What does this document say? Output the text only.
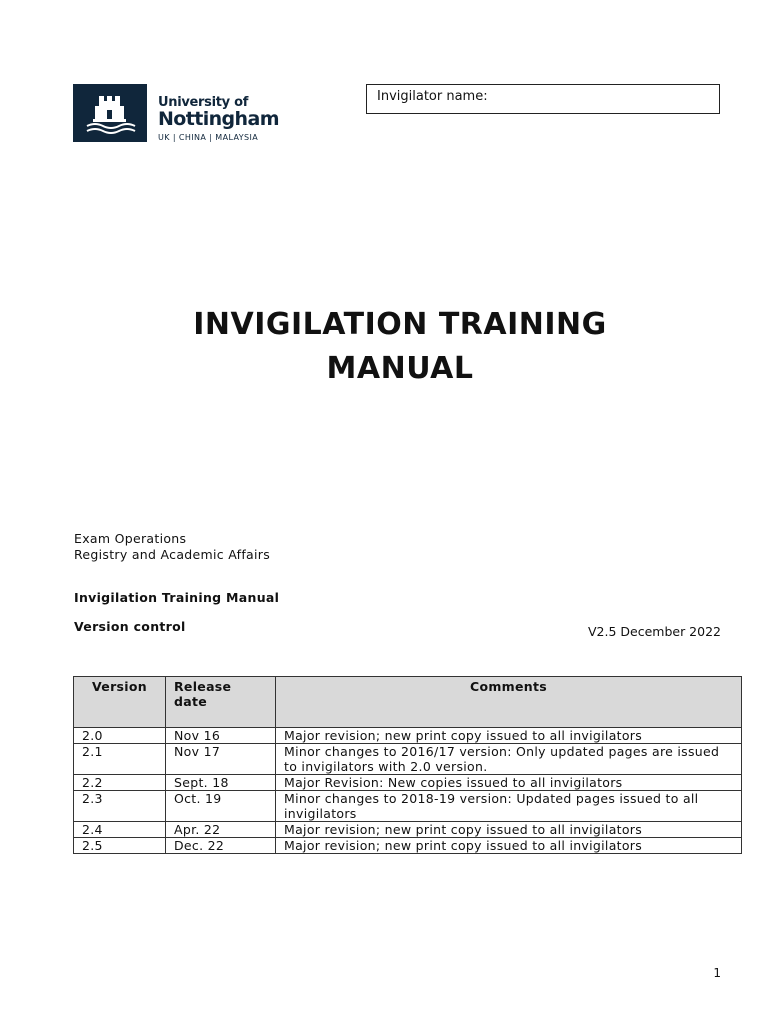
University of
Nottingham
UK | CHINA | MALAYSIA
Invigilator name:
INVIGILATION TRAINING
MANUAL
Exam Operations
Registry and Academic Affairs
Invigilation Training Manual
Version control	V2.5 December 2022
Version	Release date	Comments
2.0	Nov 16	Major revision; new print copy issued to all invigilators
2.1	Nov 17	Minor changes to 2016/17 version: Only updated pages are issued to invigilators with 2.0 version.
2.2	Sept. 18	Major Revision: New copies issued to all invigilators
2.3	Oct. 19	Minor changes to 2018-19 version: Updated pages issued to all invigilators
2.4	Apr. 22	Major revision; new print copy issued to all invigilators
2.5	Dec. 22	Major revision; new print copy issued to all invigilators
1
